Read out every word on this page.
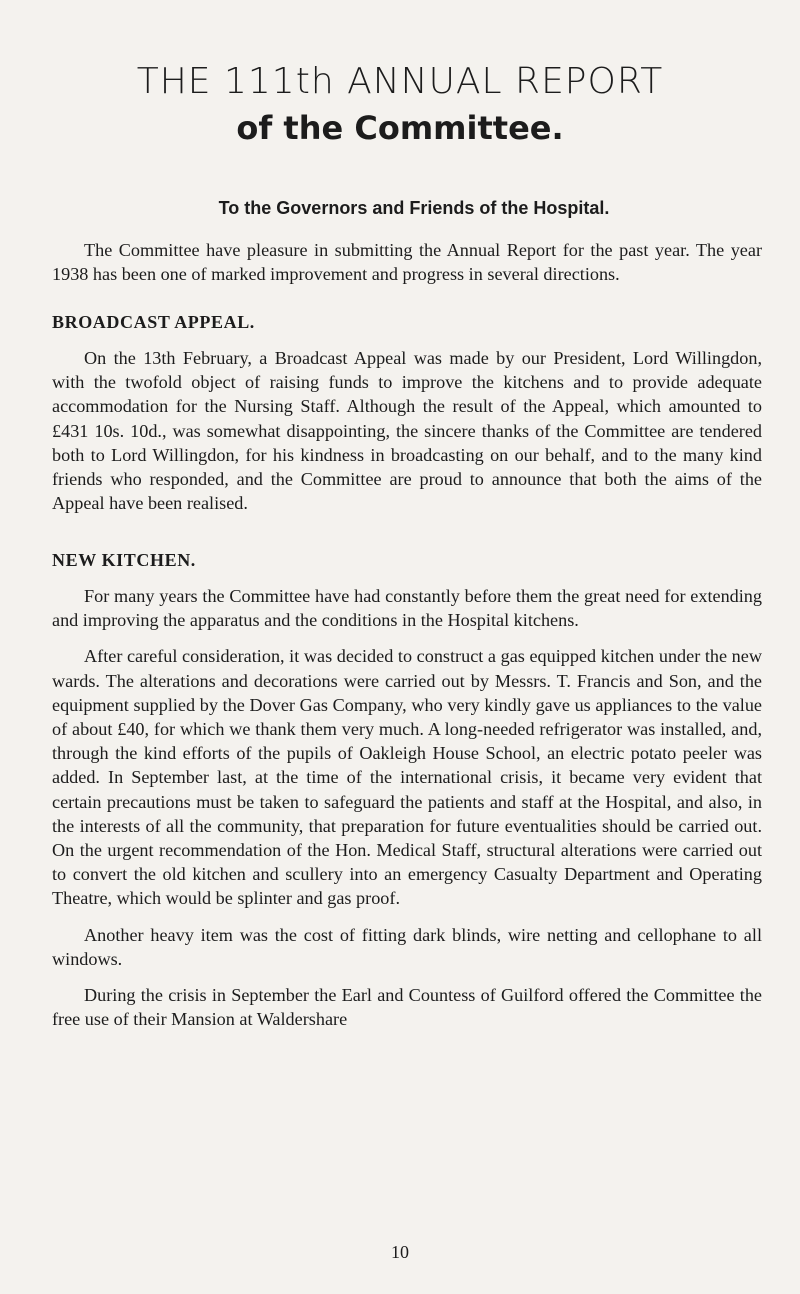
THE 111th ANNUAL REPORT
of the Committee.

To the Governors and Friends of the Hospital.

The Committee have pleasure in submitting the Annual Report for the past year. The year 1938 has been one of marked improvement and progress in several directions.

BROADCAST APPEAL.

On the 13th February, a Broadcast Appeal was made by our President, Lord Willingdon, with the twofold object of raising funds to improve the kitchens and to provide adequate accommodation for the Nursing Staff. Although the result of the Appeal, which amounted to £431 10s. 10d., was somewhat disappointing, the sincere thanks of the Committee are tendered both to Lord Willingdon, for his kindness in broadcasting on our behalf, and to the many kind friends who responded, and the Committee are proud to announce that both the aims of the Appeal have been realised.

NEW KITCHEN.

For many years the Committee have had constantly before them the great need for extending and improving the apparatus and the conditions in the Hospital kitchens.

After careful consideration, it was decided to construct a gas equipped kitchen under the new wards. The alterations and decorations were carried out by Messrs. T. Francis and Son, and the equipment supplied by the Dover Gas Company, who very kindly gave us appliances to the value of about £40, for which we thank them very much. A long-needed refrigerator was installed, and, through the kind efforts of the pupils of Oakleigh House School, an electric potato peeler was added. In September last, at the time of the international crisis, it became very evident that certain precautions must be taken to safeguard the patients and staff at the Hospital, and also, in the interests of all the community, that preparation for future eventualities should be carried out. On the urgent recommendation of the Hon. Medical Staff, structural alterations were carried out to convert the old kitchen and scullery into an emergency Casualty Department and Operating Theatre, which would be splinter and gas proof.

Another heavy item was the cost of fitting dark blinds, wire netting and cellophane to all windows.

During the crisis in September the Earl and Countess of Guilford offered the Committee the free use of their Mansion at Waldershare

10
